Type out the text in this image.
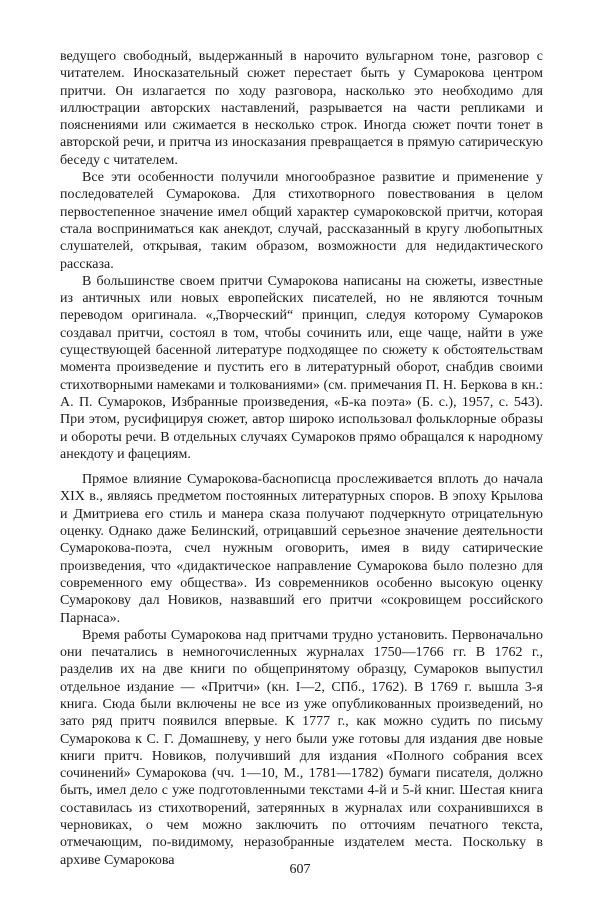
ведущего свободный, выдержанный в нарочито вульгарном тоне, разговор с читателем. Иносказательный сюжет перестает быть у Сумарокова центром притчи. Он излагается по ходу разговора, насколько это необходимо для иллюстрации авторских наставлений, разрывается на части репликами и пояснениями или сжимается в несколько строк. Иногда сюжет почти тонет в авторской речи, и притча из иносказания превращается в прямую сатирическую беседу с читателем.

Все эти особенности получили многообразное развитие и применение у последователей Сумарокова. Для стихотворного повествования в целом первостепенное значение имел общий характер сумароковской притчи, которая стала восприниматься как анекдот, случай, рассказанный в кругу любопытных слушателей, открывая, таким образом, возможности для недидактического рассказа.

В большинстве своем притчи Сумарокова написаны на сюжеты, известные из античных или новых европейских писателей, но не являются точным переводом оригинала. «„Творческий“ принцип, следуя которому Сумароков создавал притчи, состоял в том, чтобы сочинить или, еще чаще, найти в уже существующей басенной литературе подходящее по сюжету к обстоятельствам момента произведение и пустить его в литературный оборот, снабдив своими стихотворными намеками и толкованиями» (см. примечания П. Н. Беркова в кн.: А. П. Сумароков, Избранные произведения, «Б-ка поэта» (Б. с.), 1957, с. 543). При этом, русифицируя сюжет, автор широко использовал фольклорные образы и обороты речи. В отдельных случаях Сумароков прямо обращался к народному анекдоту и фацециям.

Прямое влияние Сумарокова-баснописца прослеживается вплоть до начала XIX в., являясь предметом постоянных литературных споров. В эпоху Крылова и Дмитриева его стиль и манера сказа получают подчеркнуто отрицательную оценку. Однако даже Белинский, отрицавший серьезное значение деятельности Сумарокова-поэта, счел нужным оговорить, имея в виду сатирические произведения, что «дидактическое направление Сумарокова было полезно для современного ему общества». Из современников особенно высокую оценку Сумарокову дал Новиков, назвавший его притчи «сокровищем российского Парнаса».

Время работы Сумарокова над притчами трудно установить. Первоначально они печатались в немногочисленных журналах 1750—1766 гг. В 1762 г., разделив их на две книги по общепринятому образцу, Сумароков выпустил отдельное издание — «Притчи» (кн. I—2, СПб., 1762). В 1769 г. вышла 3-я книга. Сюда были включены не все из уже опубликованных произведений, но зато ряд притч появился впервые. К 1777 г., как можно судить по письму Сумарокова к С. Г. Домашневу, у него были уже готовы для издания две новые книги притч. Новиков, получивший для издания «Полного собрания всех сочинений» Сумарокова (чч. 1—10, М., 1781—1782) бумаги писателя, должно быть, имел дело с уже подготовленными текстами 4-й и 5-й книг. Шестая книга составилась из стихотворений, затерянных в журналах или сохранившихся в черновиках, о чем можно заключить по отточиям печатного текста, отмечающим, по-видимому, неразобранные издателем места. Поскольку в архиве Сумарокова

607
